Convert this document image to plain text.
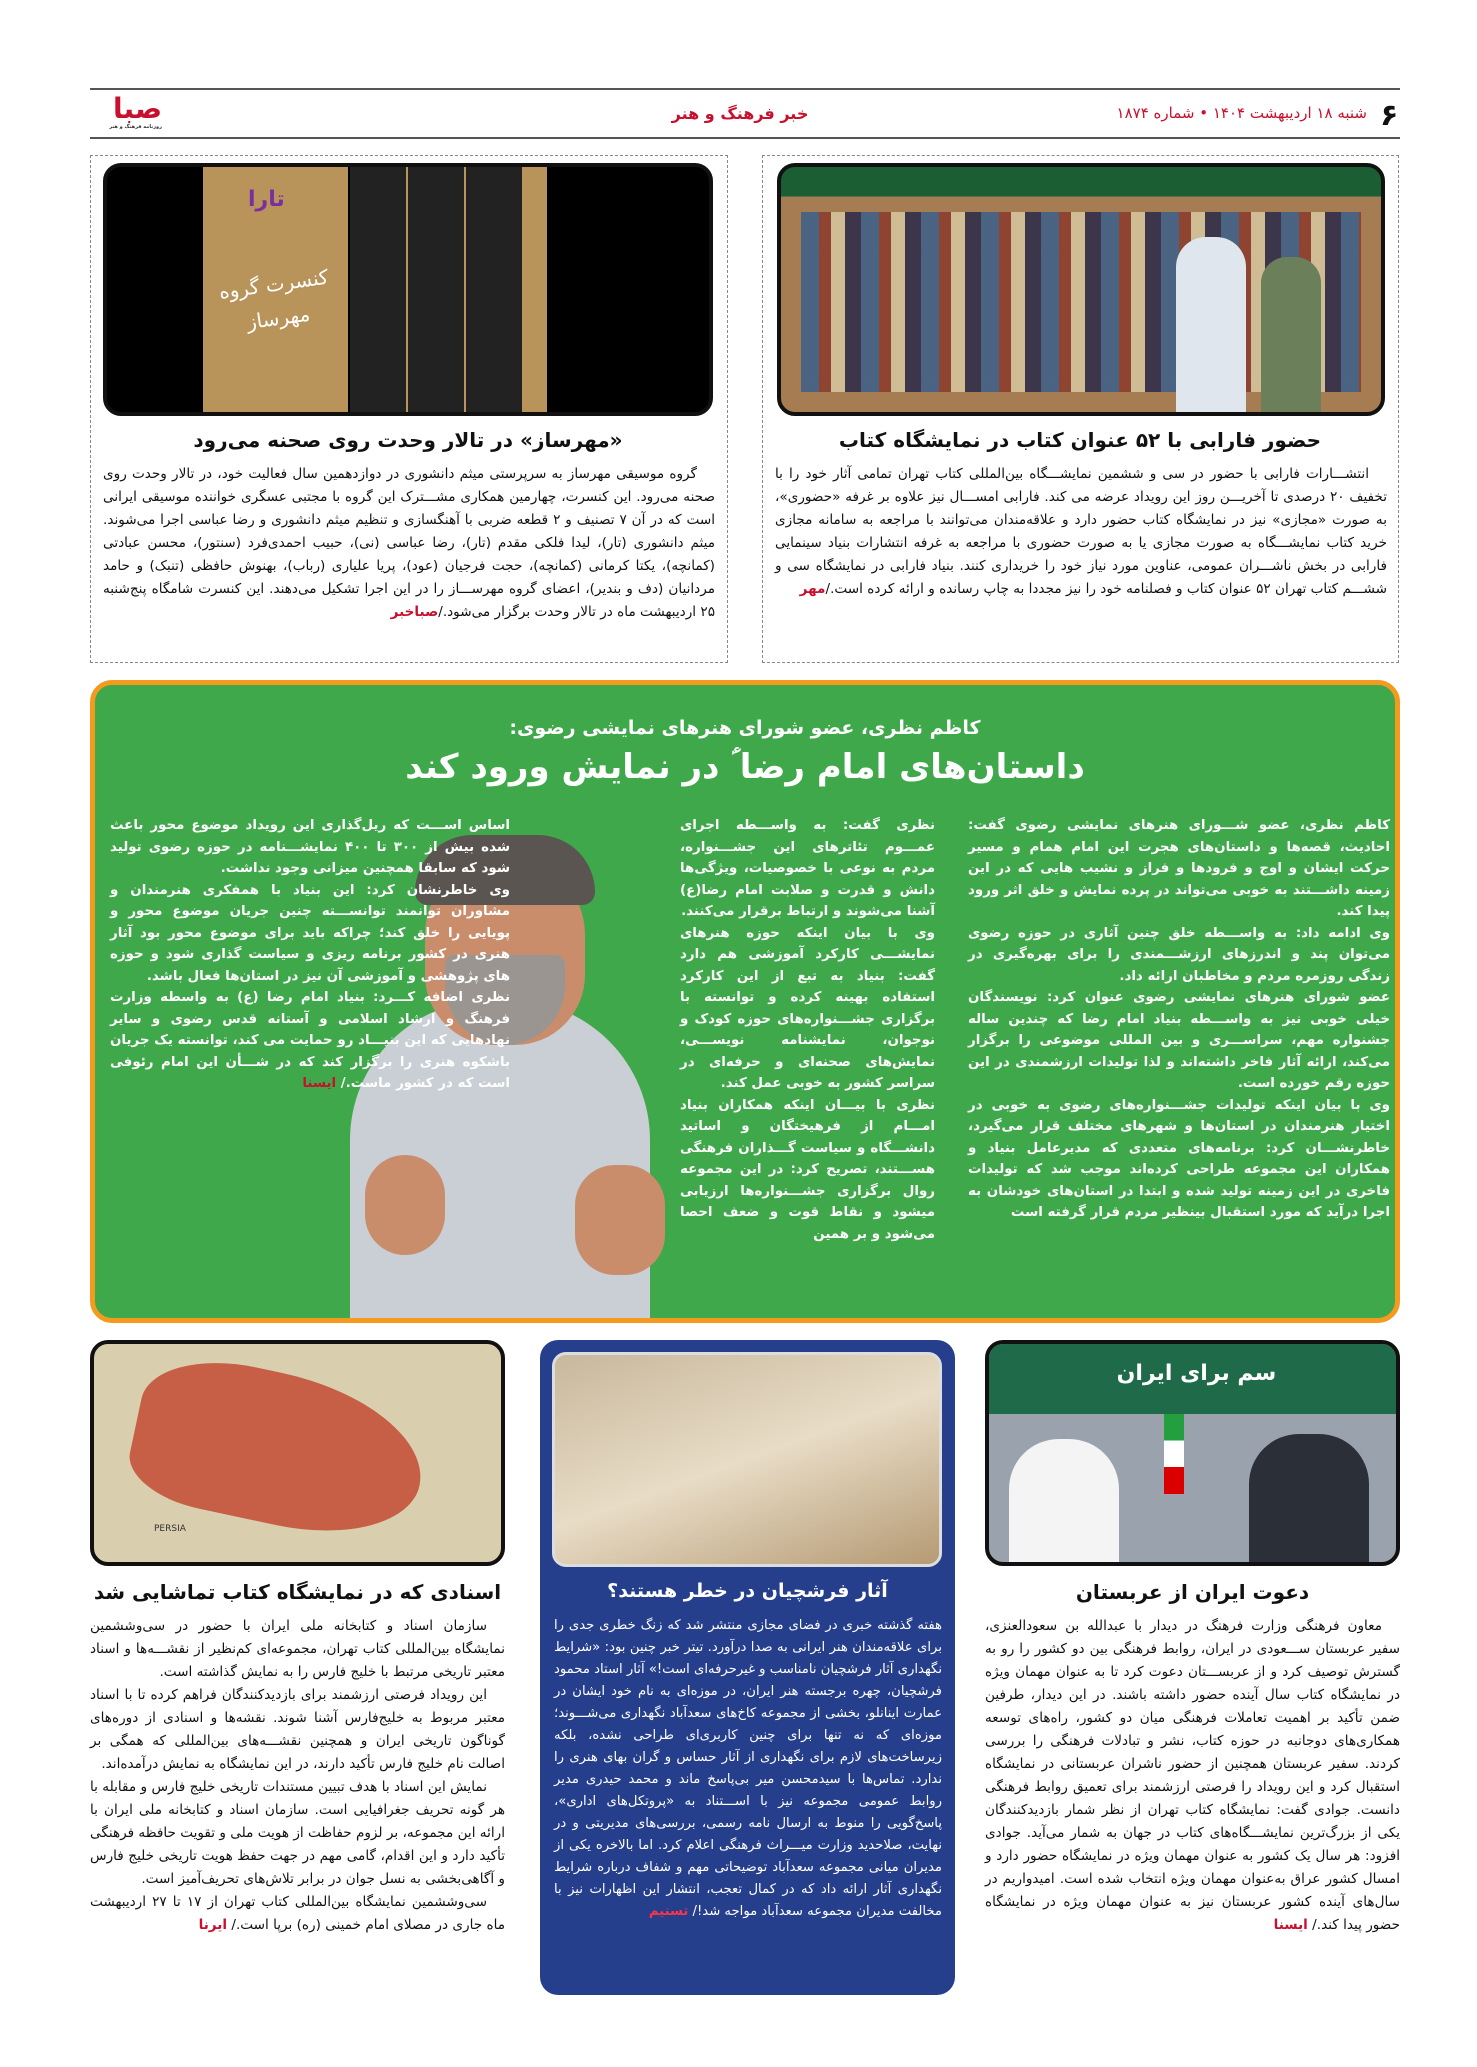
۶
شنبه ۱۸ اردیبهشت ۱۴۰۴ • شماره ۱۸۷۴
خبر فرهنگ و هنر
صبا
روزنامه فرهنگ و هنر
حضور فارابی با ۵۲ عنوان کتاب در نمایشگاه کتاب

انتشـــارات فارابی با حضور در سی و ششمین نمایشـــگاه بین‌المللی کتاب تهران تمامی آثار خود را با تخفیف ۲۰ درصدی تا آخریـــن روز این رویداد عرضه می کند. فارابی امســـال نیز علاوه بر غرفه «حضوری»، به صورت «مجازی» نیز در نمایشگاه کتاب حضور دارد و علاقه‌مندان می‌توانند با مراجعه به سامانه مجازی خرید کتاب نمایشـــگاه به صورت مجازی یا به صورت حضوری با مراجعه به غرفه انتشارات بنیاد سینمایی فارابی در بخش ناشـــران عمومی، عناوین مورد نیاز خود را خریداری کنند. بنیاد فارابی در نمایشگاه سی و ششـــم کتاب تهران ۵۲ عنوان کتاب و فصلنامه خود را نیز مجددا به چاپ رسانده و ارائه کرده است./مهر

تارا
کنسرت گروه مهرساز
«مهرساز» در تالار وحدت روی صحنه می‌رود

گروه موسیقی مهرساز به سرپرستی میثم دانشوری در دوازدهمین سال فعالیت خود، در تالار وحدت روی صحنه می‌رود. این کنسرت، چهارمین همکاری مشـــترک این گروه با مجتبی عسگری خواننده موسیقی ایرانی است که در آن ۷ تصنیف و ۲ قطعه ضربی با آهنگسازی و تنظیم میثم دانشوری و رضا عباسی اجرا می‌شوند. میثم دانشوری (تار)، لیدا فلکی مقدم (تار)، رضا عباسی (نی)، حبیب احمدی‌فرد (سنتور)، محسن عبادتی (کمانچه)، یکتا کرمانی (کمانچه)، حجت فرجیان (عود)، پریا علیاری (رباب)، بهنوش حافظی (تنبک) و حامد مردانیان (دف و بندیر)، اعضای گروه مهرســـاز را در این اجرا تشکیل می‌دهند. این کنسرت شامگاه پنج‌شنبه ۲۵ اردیبهشت ماه در تالار وحدت برگزار می‌شود./صباخبر

کاظم نظری، عضو شورای هنرهای نمایشی رضوی:
داستان‌های امام رضا ؑ در نمایش ورود کند
کاظم نظری، عضو شـــورای هنرهای نمایشی رضوی گفت: احادیث، قصه‌ها و داستان‌های هجرت این امام همام و مسیر حرکت ایشان و اوج و فرودها و فراز و نشیب هایی که در این زمینه داشـــتند به خوبی می‌تواند در پرده نمایش و خلق اثر ورود پیدا کند.
وی ادامه داد: به واســـطه خلق چنین آثاری در حوزه رضوی می‌توان پند و اندرزهای ارزشـــمندی را برای بهره‌گیری در زندگی روزمره مردم و مخاطبان ارائه داد.
عضو شورای هنرهای نمایشی رضوی عنوان کرد: نویسندگان خیلی خوبی نیز به واســـطه بنیاد امام رضا که چندین ساله جشنواره مهم، سراســـری و بین المللی موضوعی را برگزار می‌کند، ارائه آثار فاخر داشته‌اند و لذا تولیدات ارزشمندی در این حوزه رقم خورده است.
وی با بیان اینکه تولیدات جشـــنواره‌های رضوی به خوبی در اختیار هنرمندان در استان‌ها و شهرهای مختلف قرار می‌گیرد، خاطرنشـــان کرد: برنامه‌های متعددی که مدیرعامل بنیاد و همکاران این مجموعه طراحی کرده‌اند موجب شد که تولیدات فاخری در این زمینه تولید شده و ابتدا در استان‌های خودشان به اجرا درآید که مورد استقبال بینظیر مردم قرار گرفته است
نظری گفت: به واســـطه اجرای عمـــوم تئاترهای این جشـــنواره، مردم به نوعی با خصوصیات، ویژگی‌ها دانش و قدرت و صلابت امام رضا(ع) آشنا می‌شوند و ارتباط برقرار می‌کنند.
وی با بیان اینکه حوزه هنرهای نمایشـــی کارکرد آموزشی هم دارد گفت: بنیاد به تبع از این کارکرد استفاده بهینه کرده و توانسته با برگزاری جشـــنواره‌های حوزه کودک و نوجوان، نمایشنامه نویســـی، نمایش‌های صحنه‌ای و حرفه‌ای در سراسر کشور به خوبی عمل کند.
نظری با بیـــان اینکه همکاران بنیاد امـــام از فرهیختگان و اساتید دانشـــگاه و سیاست گـــذاران فرهنگی هســـتند، تصریح کرد: در این مجموعه روال برگزاری جشـــنواره‌ها ارزیابی میشود و نقاط قوت و ضعف احصا می‌شود و بر همین
اساس اســـت که ریل‌گذاری این رویداد موضوع محور باعث شده بیش از ۳۰۰ تا ۴۰۰ نمایشـــنامه در حوزه رضوی تولید شود که سابقا همچنین میزانی وجود نداشت.
وی خاطرنشان کرد: این بنیاد با همفکری هنرمندان و مشاوران توانمند توانســـته چنین جریان موضوع محور و پویایی را خلق کند؛ چراکه باید برای موضوع محور بود آثار هنری در کشور برنامه ریزی و سیاست گذاری شود و حوزه های پژوهشی و آموزشی آن نیز در استان‌ها فعال باشد.
نظری اضافه کـــرد: بنیاد امام رضا (ع) به واسطه وزارت فرهنگ و ارشاد اسلامی و آستانه قدس رضوی و سایر نهادهایی که این بنیـــاد رو حمایت می کند، توانسته یک جریان باشکوه هنری را برگزار کند که در شـــأن این امام رئوفی است که در کشور ماست./ ایسنا
سم برای ایران
دعوت ایران از عربستان

معاون فرهنگی وزارت فرهنگ در دیدار با عبدالله بن سعودالعنزی، سفیر عربستان ســـعودی در ایران، روابط فرهنگی بین دو کشور را رو به گسترش توصیف کرد و از عربســـتان دعوت کرد تا به عنوان مهمان ویژه در نمایشگاه کتاب سال آینده حضور داشته باشند. در این دیدار، طرفین ضمن تأکید بر اهمیت تعاملات فرهنگی میان دو کشور، راه‌های توسعه همکاری‌های دوجانبه در حوزه کتاب، نشر و تبادلات فرهنگی را بررسی کردند. سفیر عربستان همچنین از حضور ناشران عربستانی در نمایشگاه استقبال کرد و این رویداد را فرصتی ارزشمند برای تعمیق روابط فرهنگی دانست. جوادی گفت: نمایشگاه کتاب تهران از نظر شمار بازدیدکنندگان یکی از بزرگ‌ترین نمایشـــگاه‌های کتاب در جهان به شمار می‌آید. جوادی افزود: هر سال یک کشور به عنوان مهمان ویژه در نمایشگاه حضور دارد و امسال کشور عراق به‌عنوان مهمان ویژه انتخاب شده است. امیدواریم در سال‌های آینده کشور عربستان نیز به عنوان مهمان ویژه در نمایشگاه حضور پیدا کند./ ایسنا

آثار فرشچیان در خطر هستند؟
هفته گذشته خبری در فضای مجازی منتشر شد که زنگ خطری جدی را برای علاقه‌مندان هنر ایرانی به صدا درآورد. تیتر خبر چنین بود: «شرایط نگهداری آثار فرشچیان نامناسب و غیرحرفه‌ای است!» آثار استاد محمود فرشچیان، چهره برجسته هنر ایران، در موزه‌ای به نام خود ایشان در عمارت اینانلو، بخشی از مجموعه کاخ‌های سعدآباد نگهداری می‌شـــوند؛ موزه‌ای که نه تنها برای چنین کاربری‌ای طراحی نشده، بلکه زیرساخت‌های لازم برای نگهداری از آثار حساس و گران بهای هنری را ندارد. تماس‌ها با سیدمحسن میر بی‌پاسخ ماند و محمد حیدری مدیر روابط عمومی مجموعه نیز با اســـتناد به «پروتکل‌های اداری»، پاسخ‌گویی را منوط به ارسال نامه رسمی، بررسی‌های مدیریتی و در نهایت، صلاحدید وزارت میـــراث فرهنگی اعلام کرد. اما بالاخره یکی از مدیران میانی مجموعه سعدآباد توضیحاتی مهم و شفاف درباره شرایط نگهداری آثار ارائه داد که در کمال تعجب، انتشار این اظهارات نیز با مخالفت مدیران مجموعه سعدآباد مواجه شد!/ تسنیم
PERSIA
اسنادی که در نمایشگاه کتاب تماشایی شد

سازمان اسناد و کتابخانه ملی ایران با حضور در سی‌وششمین نمایشگاه بین‌المللی کتاب تهران، مجموعه‌ای کم‌نظیر از نقشـــه‌ها و اسناد معتبر تاریخی مرتبط با خلیج فارس را به نمایش گذاشته است.

این رویداد فرصتی ارزشمند برای بازدیدکنندگان فراهم کرده تا با اسناد معتبر مربوط به خلیج‌فارس آشنا شوند. نقشه‌ها و اسنادی از دوره‌های گوناگون تاریخی ایران و همچنین نقشـــه‌های بین‌المللی که همگی بر اصالت نام خلیج فارس تأکید دارند، در این نمایشگاه به نمایش درآمده‌اند.

نمایش این اسناد با هدف تبیین مستندات تاریخی خلیج فارس و مقابله با هر گونه تحریف جغرافیایی است. سازمان اسناد و کتابخانه ملی ایران با ارائه این مجموعه، بر لزوم حفاظت از هویت ملی و تقویت حافظه فرهنگی تأکید دارد و این اقدام، گامی مهم در جهت حفظ هویت تاریخی خلیج فارس و آگاهی‌بخشی به نسل جوان در برابر تلاش‌های تحریف‌آمیز است.

سی‌وششمین نمایشگاه بین‌المللی کتاب تهران از ۱۷ تا ۲۷ اردیبهشت ماه جاری در مصلای امام خمینی (ره) برپا است./ ایرنا
